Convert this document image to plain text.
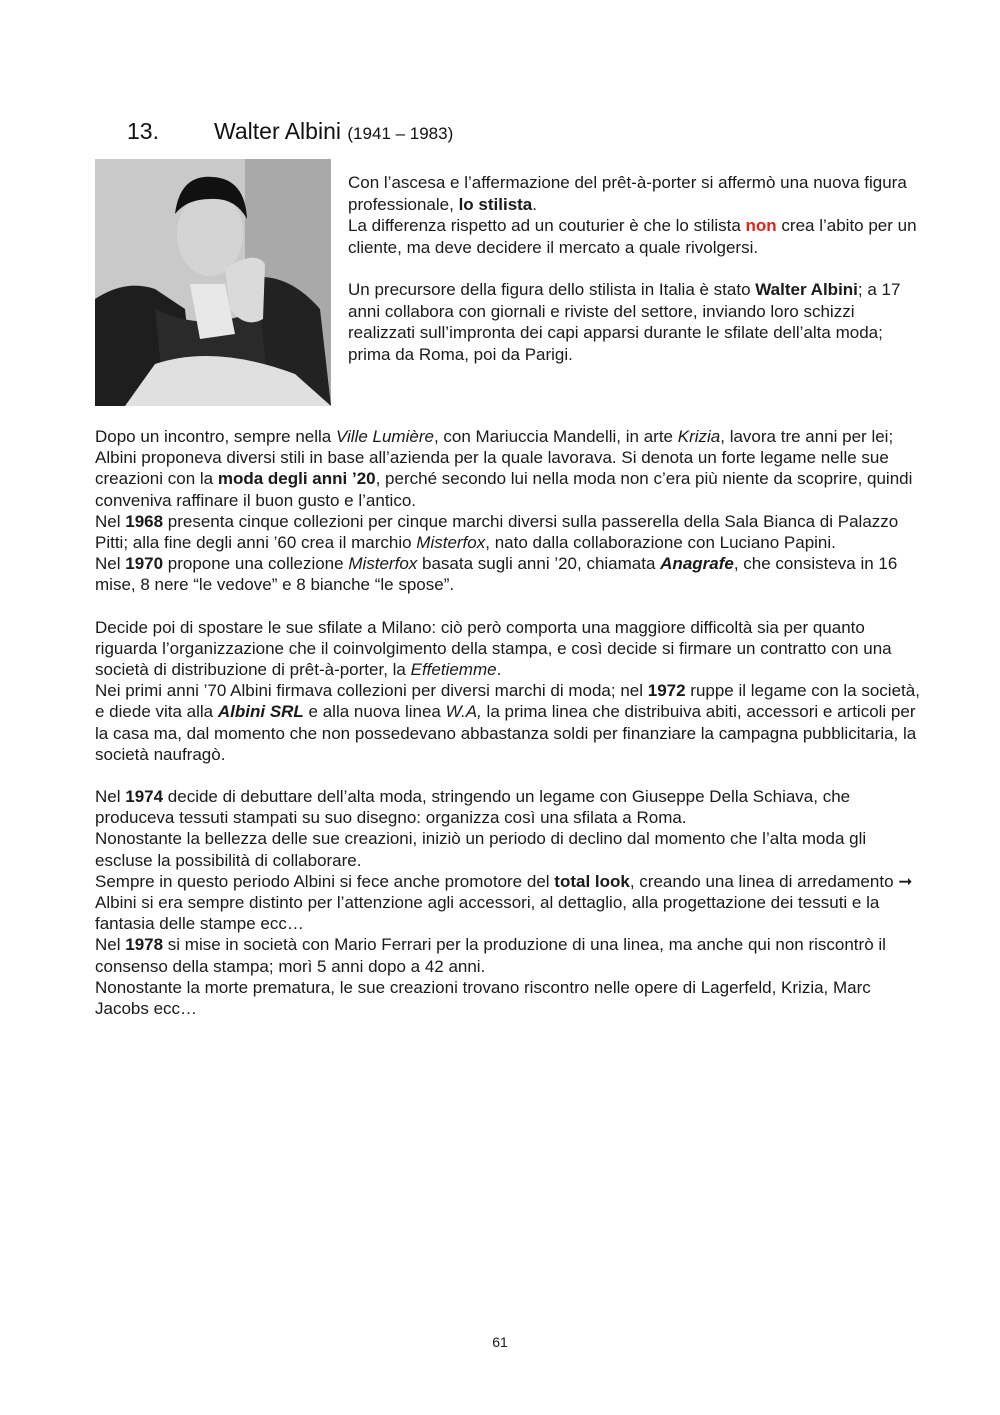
13. Walter Albini (1941 – 1983)

Con l’ascesa e l’affermazione del prêt-à-porter si affermò una nuova figura professionale, lo stilista.

La differenza rispetto ad un couturier è che lo stilista non crea l’abito per un cliente, ma deve decidere il mercato a quale rivolgersi.

Un precursore della figura dello stilista in Italia è stato Walter Albini; a 17 anni collabora con giornali e riviste del settore, inviando loro schizzi realizzati sull’impronta dei capi apparsi durante le sfilate dell’alta moda; prima da Roma, poi da Parigi.

Dopo un incontro, sempre nella Ville Lumière, con Mariuccia Mandelli, in arte Krizia, lavora tre anni per lei; Albini proponeva diversi stili in base all’azienda per la quale lavorava. Si denota un forte legame nelle sue creazioni con la moda degli anni ’20, perché secondo lui nella moda non c’era più niente da scoprire, quindi conveniva raffinare il buon gusto e l’antico.

Nel 1968 presenta cinque collezioni per cinque marchi diversi sulla passerella della Sala Bianca di Palazzo Pitti; alla fine degli anni ’60 crea il marchio Misterfox, nato dalla collaborazione con Luciano Papini.

Nel 1970 propone una collezione Misterfox basata sugli anni ’20, chiamata Anagrafe, che consisteva in 16 mise, 8 nere “le vedove” e 8 bianche “le spose”.

Decide poi di spostare le sue sfilate a Milano: ciò però comporta una maggiore difficoltà sia per quanto riguarda l’organizzazione che il coinvolgimento della stampa, e così decide si firmare un contratto con una società di distribuzione di prêt-à-porter, la Effetiemme.

Nei primi anni ’70 Albini firmava collezioni per diversi marchi di moda; nel 1972 ruppe il legame con la società, e diede vita alla Albini SRL e alla nuova linea W.A, la prima linea che distribuiva abiti, accessori e articoli per la casa ma, dal momento che non possedevano abbastanza soldi per finanziare la campagna pubblicitaria, la società naufragò.

Nel 1974 decide di debuttare dell’alta moda, stringendo un legame con Giuseppe Della Schiava, che produceva tessuti stampati su suo disegno: organizza così una sfilata a Roma.

Nonostante la bellezza delle sue creazioni, iniziò un periodo di declino dal momento che l’alta moda gli escluse la possibilità di collaborare.

Sempre in questo periodo Albini si fece anche promotore del total look, creando una linea di arredamento ➞ Albini si era sempre distinto per l’attenzione agli accessori, al dettaglio, alla progettazione dei tessuti e la fantasia delle stampe ecc…

Nel 1978 si mise in società con Mario Ferrari per la produzione di una linea, ma anche qui non riscontrò il consenso della stampa; morì 5 anni dopo a 42 anni.

Nonostante la morte prematura, le sue creazioni trovano riscontro nelle opere di Lagerfeld, Krizia, Marc Jacobs ecc…

61
